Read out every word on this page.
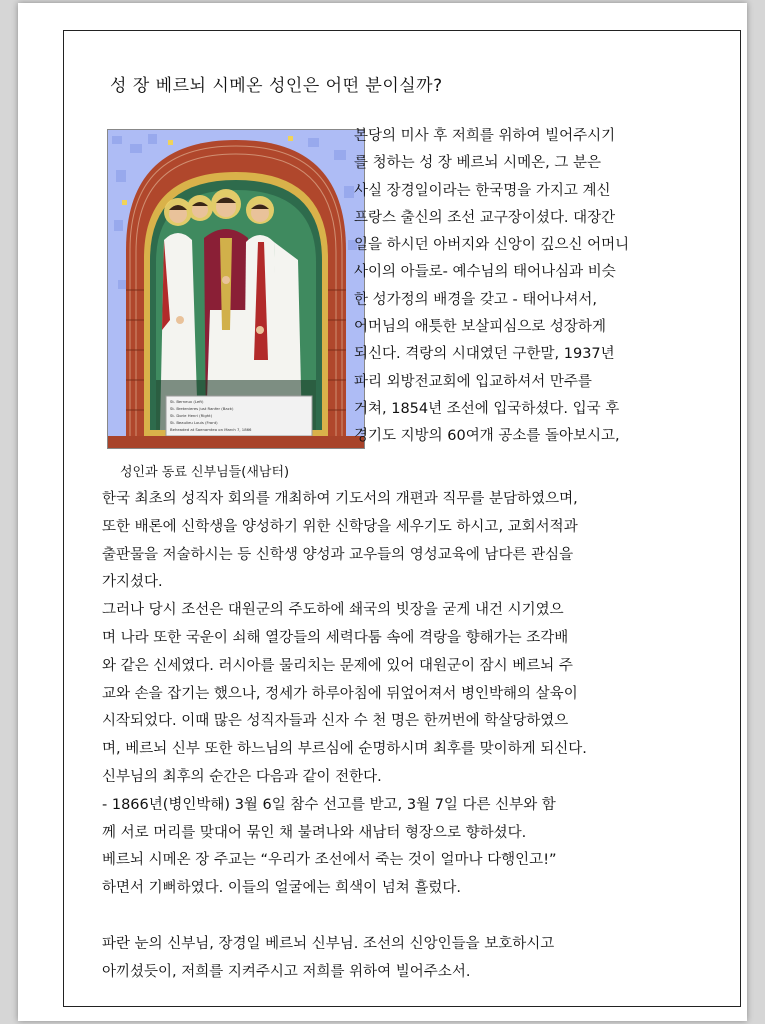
성 장 베르뇌 시메온 성인은 어떤 분이실까?
St. Berneux (Left)
St. Bretenieres Just Ranfer (Back)
St. Dorie Henri (Right)
St. Beaulieu Louis (Front)
Beheaded at Saenamteo on March 7, 1866
성인과 동료 신부님들(새남터)
본당의 미사 후 저희를 위하여 빌어주시기
를 청하는 성 장 베르뇌 시메온, 그 분은
사실 장경일이라는 한국명을 가지고 계신
프랑스 출신의 조선 교구장이셨다. 대장간
일을 하시던 아버지와 신앙이 깊으신 어머니
사이의 아들로- 예수님의 태어나심과 비슷
한 성가정의 배경을 갖고 - 태어나셔서,
어머님의 애틋한 보살피심으로 성장하게
되신다. 격랑의 시대였던 구한말, 1937년
파리 외방전교회에 입교하셔서 만주를
거쳐, 1854년 조선에 입국하셨다. 입국 후
경기도 지방의 60여개 공소를 돌아보시고,
한국 최초의 성직자 회의를 개최하여 기도서의 개편과 직무를 분담하였으며,
또한 배론에 신학생을 양성하기 위한 신학당을 세우기도 하시고, 교회서적과
출판물을 저술하시는 등 신학생 양성과 교우들의 영성교육에 남다른 관심을
가지셨다.
그러나 당시 조선은 대원군의 주도하에 쇄국의 빗장을 굳게 내건 시기였으
며 나라 또한 국운이 쇠해 열강들의 세력다툼 속에 격랑을 향해가는 조각배
와 같은 신세였다. 러시아를 물리치는 문제에 있어 대원군이 잠시 베르뇌 주
교와 손을 잡기는 했으나, 정세가 하루아침에 뒤엎어져서 병인박해의 살육이
시작되었다. 이때 많은 성직자들과 신자 수 천 명은 한꺼번에 학살당하였으
며, 베르뇌 신부 또한 하느님의 부르심에 순명하시며 최후를 맞이하게 되신다.
신부님의 최후의 순간은 다음과 같이 전한다.
- 1866년(병인박해) 3월 6일 참수 선고를 받고, 3월 7일 다른 신부와 함
께 서로 머리를 맞대어 묶인 채 불려나와 새남터 형장으로 향하셨다.
베르뇌 시메온 장 주교는 “우리가 조선에서 죽는 것이 얼마나 다행인고!”
하면서 기뻐하였다. 이들의 얼굴에는 희색이 넘쳐 흘렀다.

파란 눈의 신부님, 장경일 베르뇌 신부님. 조선의 신앙인들을 보호하시고
아끼셨듯이, 저희를 지켜주시고 저희를 위하여 빌어주소서.
